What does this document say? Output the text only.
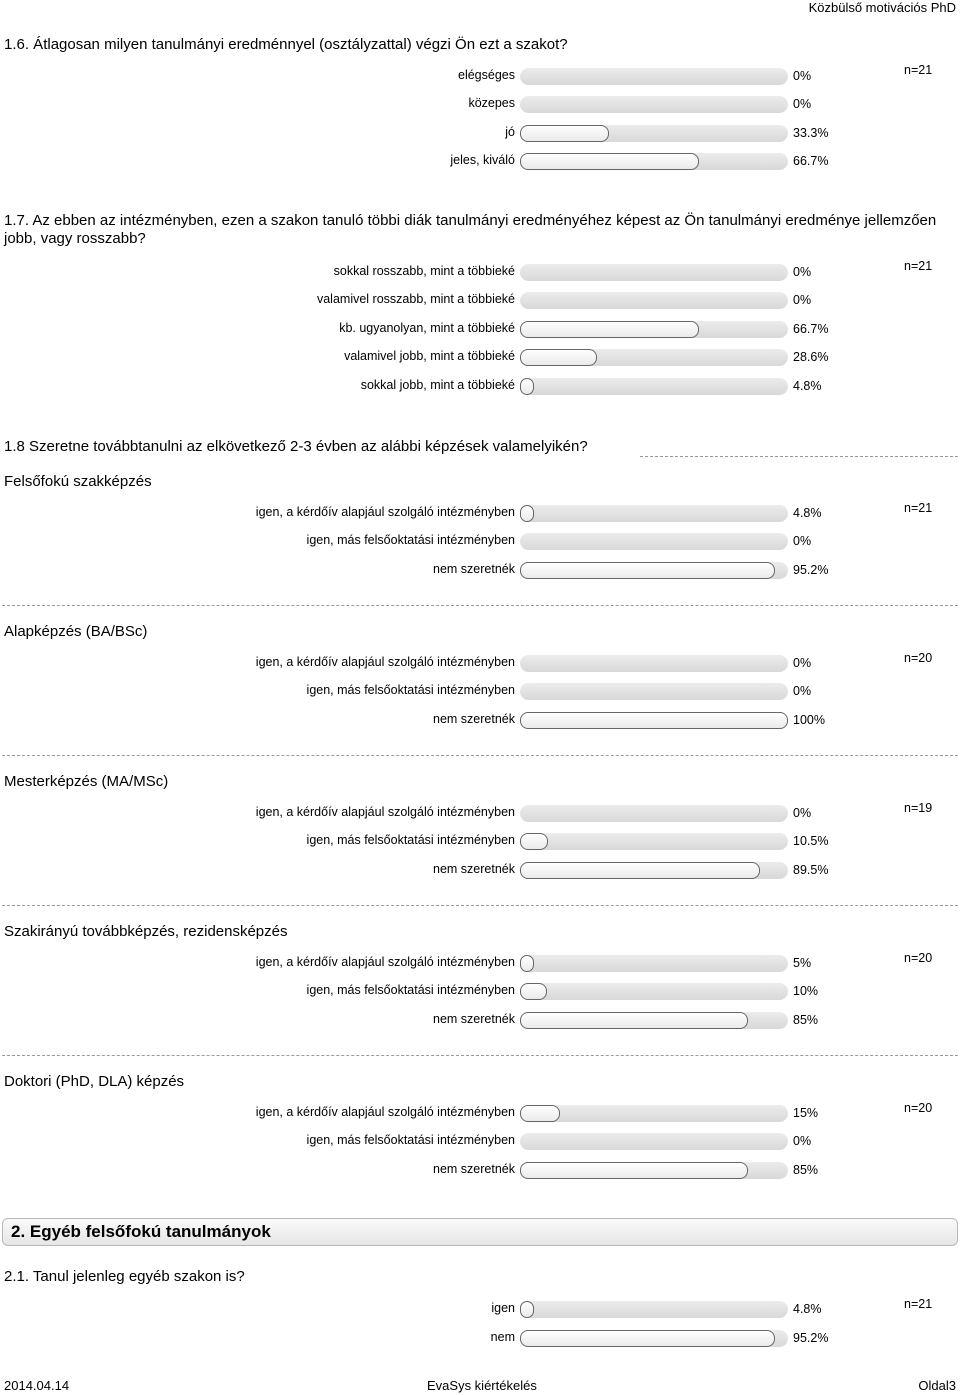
Közbülső motivációs PhD
1.6. Átlagosan milyen tanulmányi eredménnyel (osztályzattal) végzi Ön ezt a szakot?
n=21
elégséges	0%
közepes	0%
jó	33.3%
jeles, kiváló	66.7%
1.7. Az ebben az intézményben, ezen a szakon tanuló többi diák tanulmányi eredményéhez képest az Ön tanulmányi eredménye jellemzően jobb, vagy rosszabb?
n=21
sokkal rosszabb, mint a többieké	0%
valamivel rosszabb, mint a többieké	0%
kb. ugyanolyan, mint a többieké	66.7%
valamivel jobb, mint a többieké	28.6%
sokkal jobb, mint a többieké	4.8%
1.8 Szeretne továbbtanulni az elkövetkező 2-3 évben az alábbi képzések valamelyikén?
Felsőfokú szakképzés
n=21
igen, a kérdőív alapjául szolgáló intézményben	4.8%
igen, más felsőoktatási intézményben	0%
nem szeretnék	95.2%
Alapképzés (BA/BSc)
n=20
igen, a kérdőív alapjául szolgáló intézményben	0%
igen, más felsőoktatási intézményben	0%
nem szeretnék	100%
Mesterképzés (MA/MSc)
n=19
igen, a kérdőív alapjául szolgáló intézményben	0%
igen, más felsőoktatási intézményben	10.5%
nem szeretnék	89.5%
Szakirányú továbbképzés, rezidensképzés
n=20
igen, a kérdőív alapjául szolgáló intézményben	5%
igen, más felsőoktatási intézményben	10%
nem szeretnék	85%
Doktori (PhD, DLA) képzés
n=20
igen, a kérdőív alapjául szolgáló intézményben	15%
igen, más felsőoktatási intézményben	0%
nem szeretnék	85%
2. Egyéb felsőfokú tanulmányok
2.1. Tanul jelenleg egyéb szakon is?
n=21
igen	4.8%
nem	95.2%
2014.04.14	EvaSys kiértékelés	Oldal3
